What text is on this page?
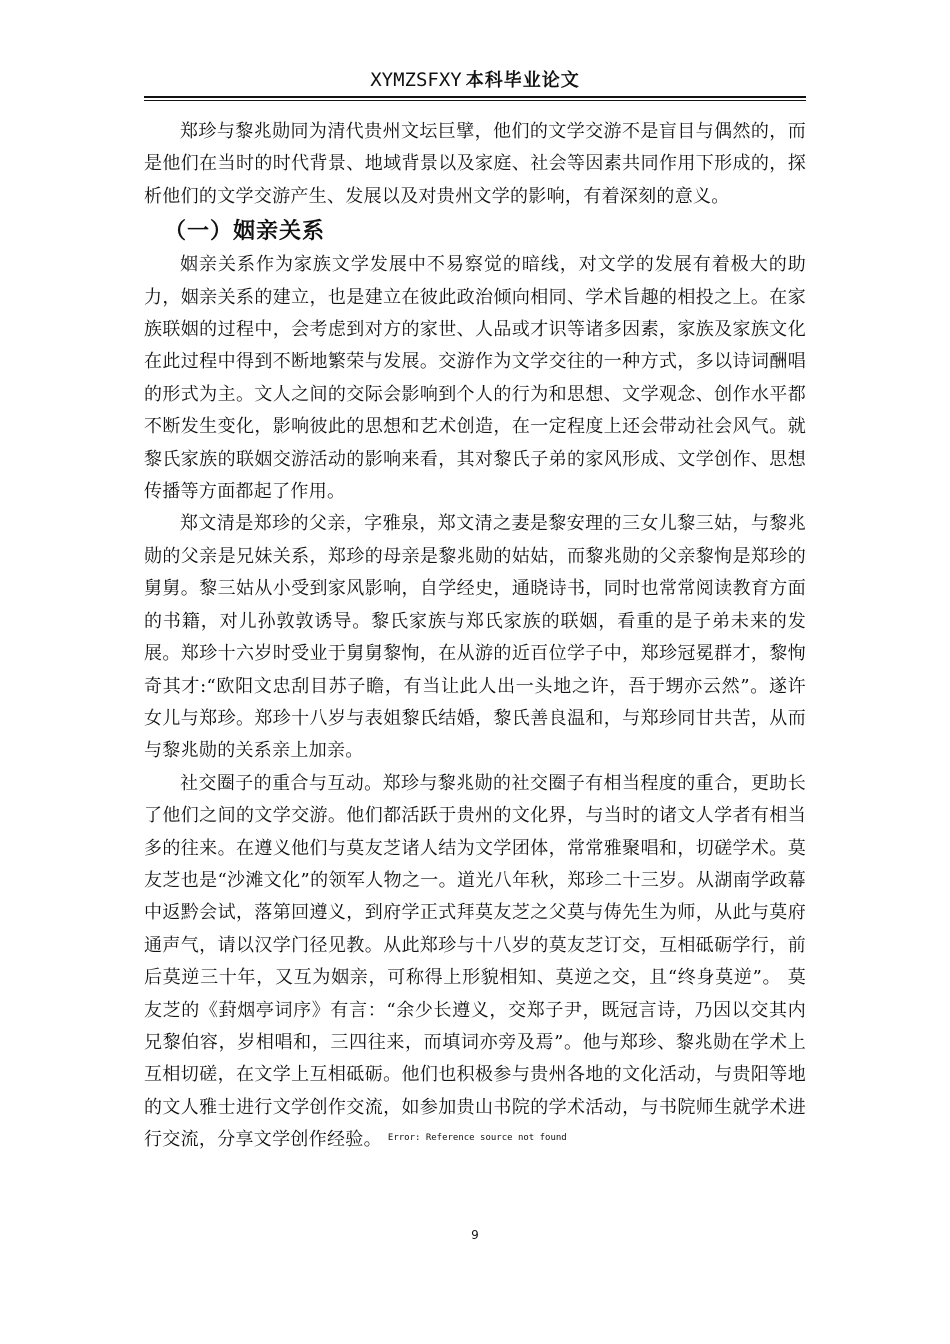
XYMZSFXY 本科毕业论文

郑珍与黎兆勋同为清代贵州文坛巨擘，他们的文学交游不是盲目与偶然的，而是他们在当时的时代背景、地域背景以及家庭、社会等因素共同作用下形成的，探析他们的文学交游产生、发展以及对贵州文学的影响，有着深刻的意义。

（一）姻亲关系

姻亲关系作为家族文学发展中不易察觉的暗线，对文学的发展有着极大的助力，姻亲关系的建立，也是建立在彼此政治倾向相同、学术旨趣的相投之上。在家族联姻的过程中，会考虑到对方的家世、人品或才识等诸多因素，家族及家族文化在此过程中得到不断地繁荣与发展。交游作为文学交往的一种方式，多以诗词酬唱的形式为主。文人之间的交际会影响到个人的行为和思想、文学观念、创作水平都不断发生变化，影响彼此的思想和艺术创造，在一定程度上还会带动社会风气。就黎氏家族的联姻交游活动的影响来看，其对黎氏子弟的家风形成、文学创作、思想传播等方面都起了作用。

郑文清是郑珍的父亲，字雅泉，郑文清之妻是黎安理的三女儿黎三姑，与黎兆勋的父亲是兄妹关系，郑珍的母亲是黎兆勋的姑姑，而黎兆勋的父亲黎恂是郑珍的舅舅。黎三姑从小受到家风影响，自学经史，通晓诗书，同时也常常阅读教育方面的书籍，对儿孙敦敦诱导。黎氏家族与郑氏家族的联姻，看重的是子弟未来的发展。郑珍十六岁时受业于舅舅黎恂，在从游的近百位学子中，郑珍冠冕群才，黎恂奇其才:“欧阳文忠刮目苏子瞻，有当让此人出一头地之许，吾于甥亦云然”。遂许女儿与郑珍。郑珍十八岁与表姐黎氏结婚，黎氏善良温和，与郑珍同甘共苦，从而与黎兆勋的关系亲上加亲。

社交圈子的重合与互动。郑珍与黎兆勋的社交圈子有相当程度的重合，更助长了他们之间的文学交游。他们都活跃于贵州的文化界，与当时的诸文人学者有相当多的往来。在遵义他们与莫友芝诸人结为文学团体，常常雅聚唱和，切磋学术。莫友芝也是“沙滩文化”的领军人物之一。道光八年秋，郑珍二十三岁。从湖南学政幕中返黔会试，落第回遵义，到府学正式拜莫友芝之父莫与俦先生为师，从此与莫府通声气，请以汉学门径见教。从此郑珍与十八岁的莫友芝订交，互相砥砺学行，前后莫逆三十年，又互为姻亲，可称得上形貌相知、莫逆之交，且“终身莫逆”。 莫友芝的《葑烟亭词序》有言：“余少长遵义，交郑子尹，既冠言诗，乃因以交其内兄黎伯容，岁相唱和，三四往来，而填词亦旁及焉”。他与郑珍、黎兆勋在学术上互相切磋，在文学上互相砥砺。他们也积极参与贵州各地的文化活动，与贵阳等地的文人雅士进行文学创作交流，如参加贵山书院的学术活动，与书院师生就学术进行交流，分享文学创作经验。 $^{Error: Reference source not found}$

9
